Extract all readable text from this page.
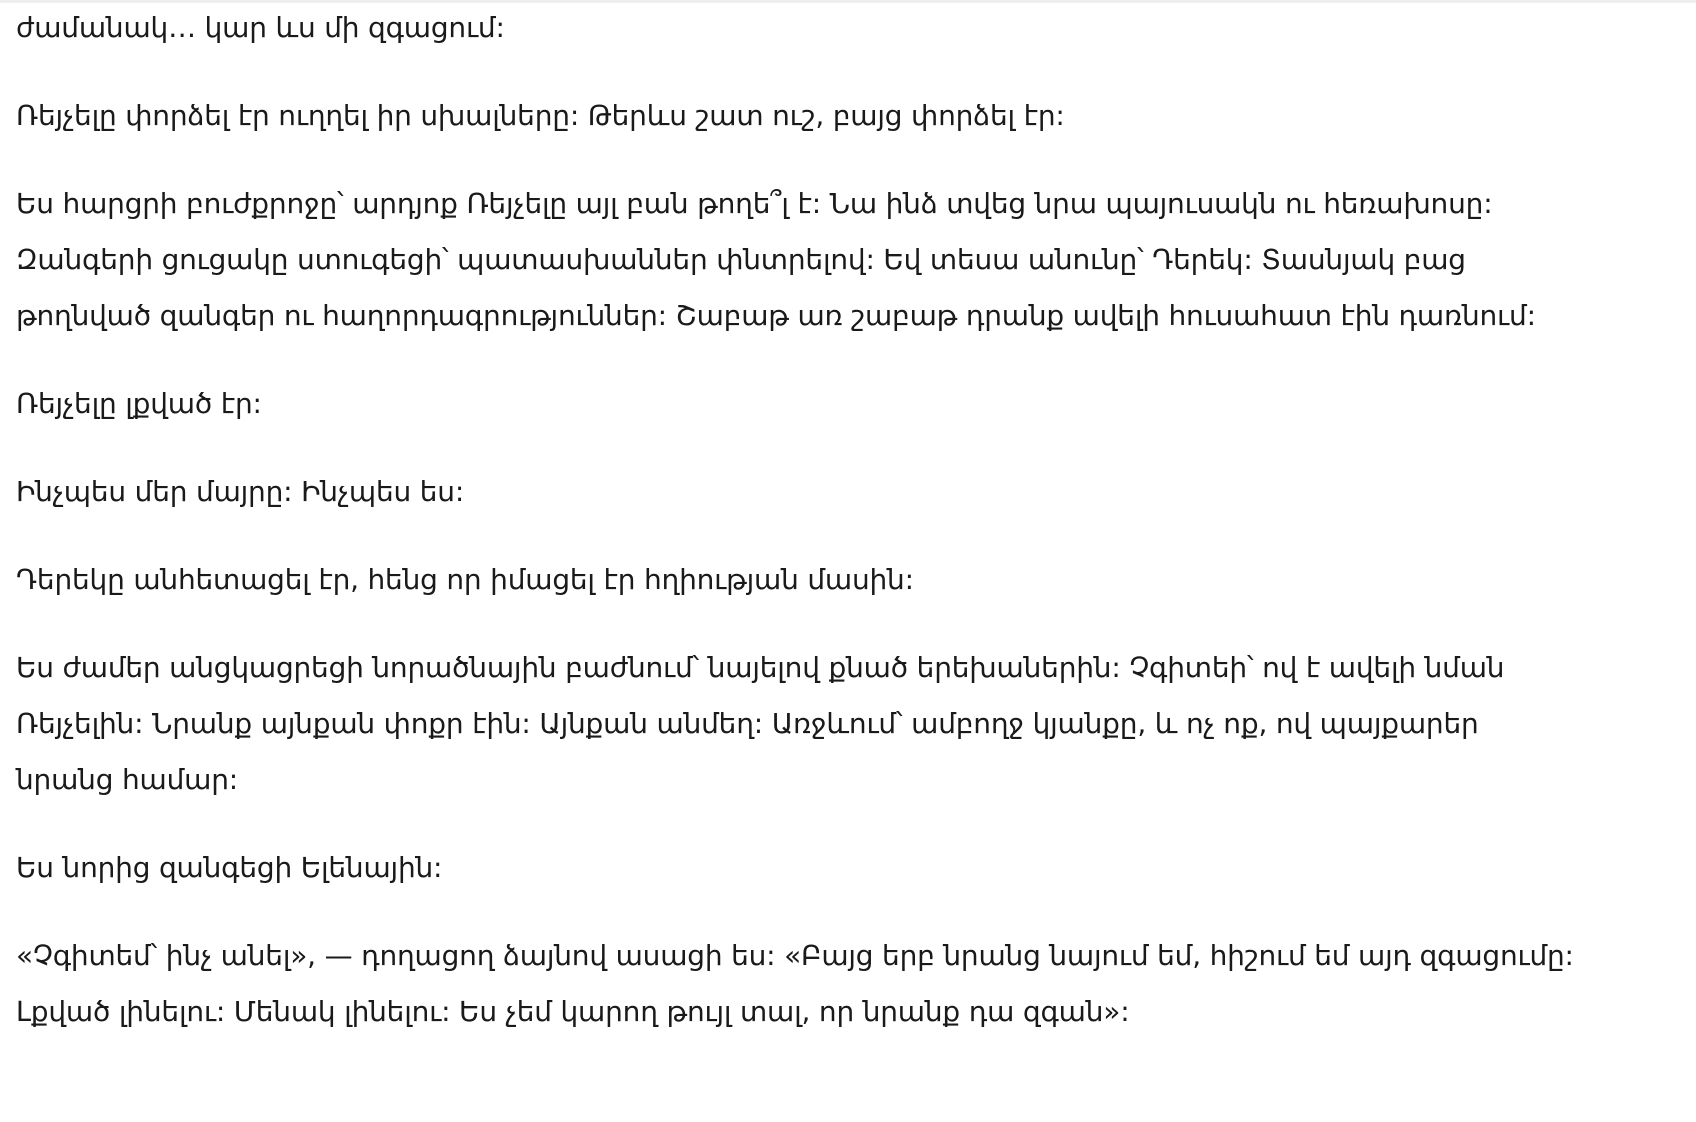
ժամանակ… կար ևս մի զգացում:

Ռեյչելը փորձել էր ուղղել իր սխալները: Թերևս շատ ուշ, բայց փորձել էր:

Ես հարցրի բուժքրոջը՝ արդյոք Ռեյչելը այլ բան թողե՞լ է: Նա ինձ տվեց նրա պայուսակն ու հեռախոսը: Զանգերի ցուցակը ստուգեցի՝ պատասխաններ փնտրելով: Եվ տեսա անունը՝ Դերեկ: Տասնյակ բաց թողնված զանգեր ու հաղորդագրություններ: Շաբաթ առ շաբաթ դրանք ավելի հուսահատ էին դառնում:

Ռեյչելը լքված էր:

Ինչպես մեր մայրը: Ինչպես ես:

Դերեկը անհետացել էր, հենց որ իմացել էր հղիության մասին:

Ես ժամեր անցկացրեցի նորածնային բաժնում՝ նայելով քնած երեխաներին: Չգիտեի՝ ով է ավելի նման Ռեյչելին: Նրանք այնքան փոքր էին: Այնքան անմեղ: Առջևում՝ ամբողջ կյանքը, և ոչ ոք, ով պայքարեր նրանց համար:

Ես նորից զանգեցի Ելենային:

«Չգիտեմ՝ ինչ անել», — դողացող ձայնով ասացի ես: «Բայց երբ նրանց նայում եմ, հիշում եմ այդ զգացումը: Լքված լինելու: Մենակ լինելու: Ես չեմ կարող թույլ տալ, որ նրանք դա զգան»:
